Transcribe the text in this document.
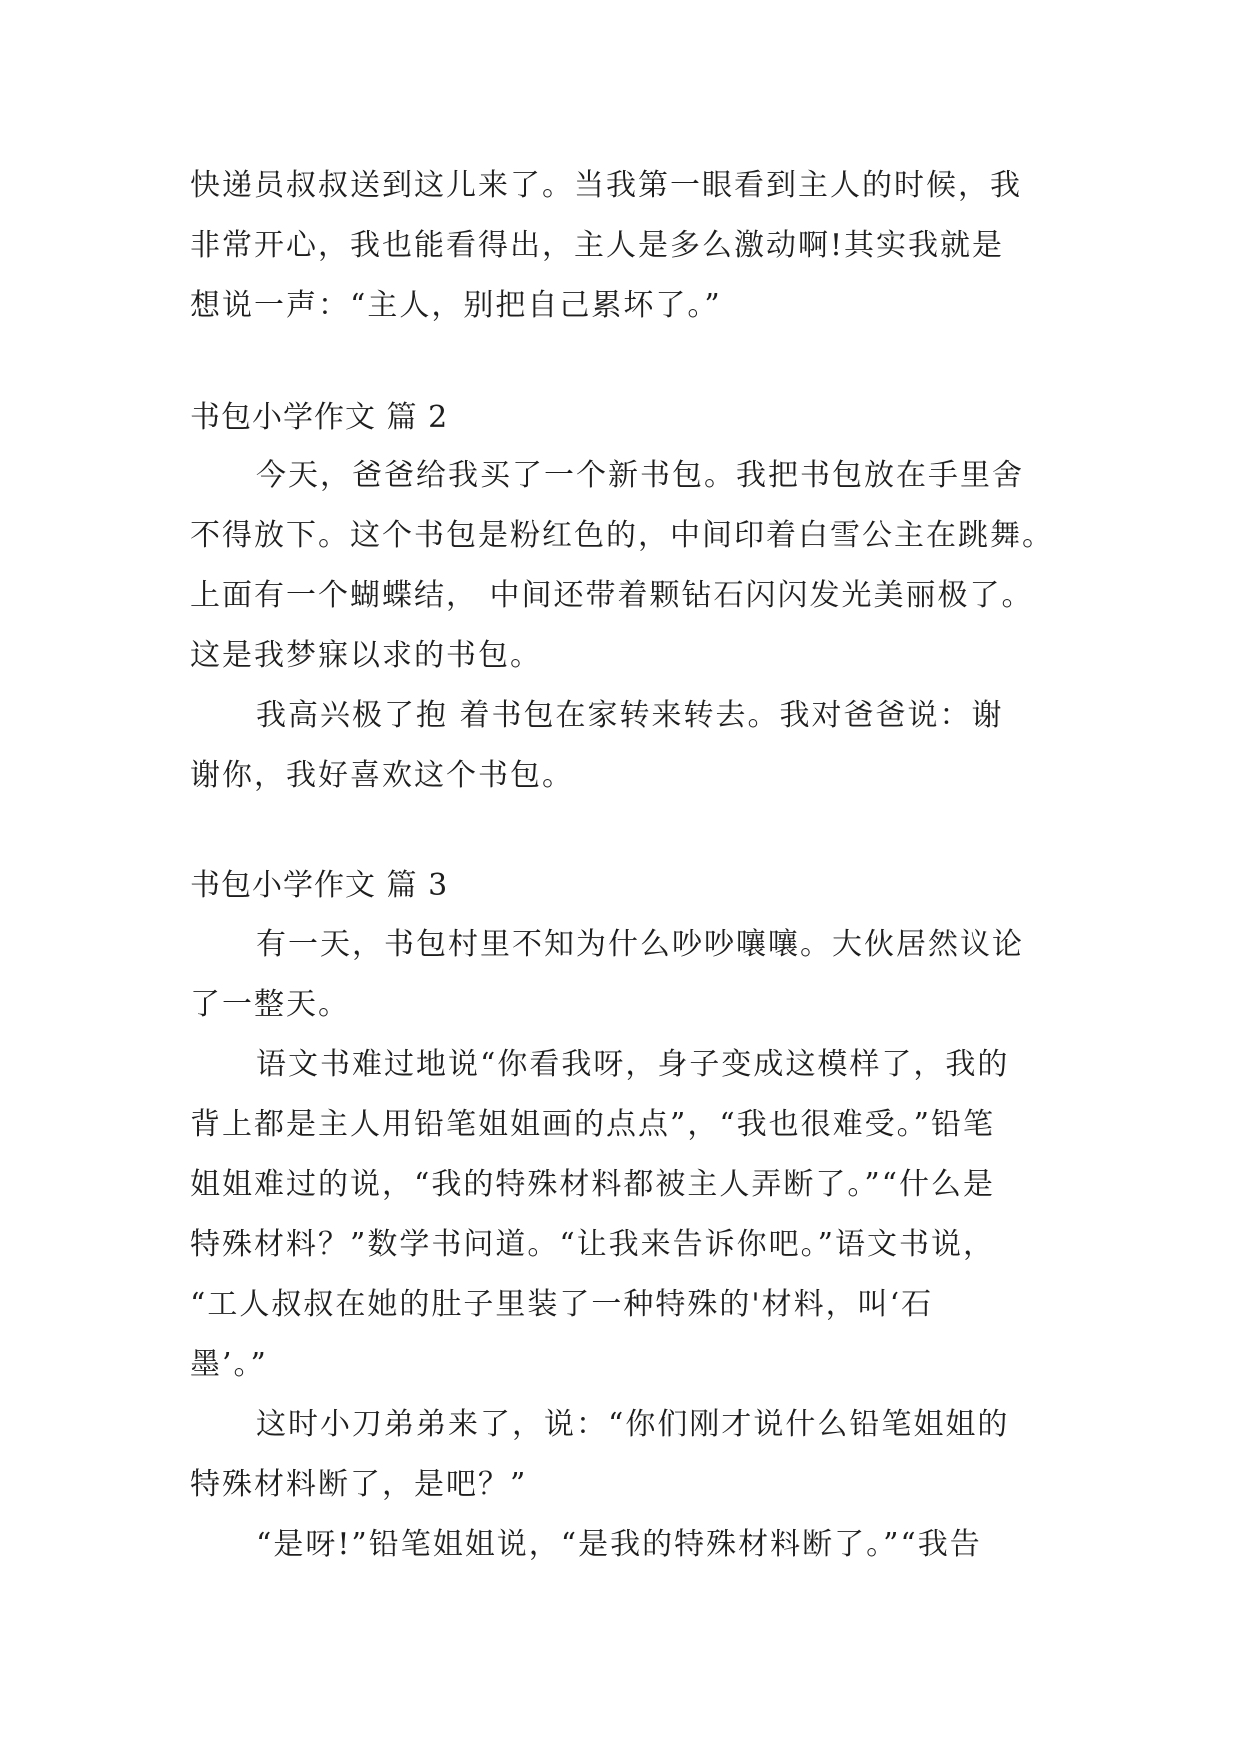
快递员叔叔送到这儿来了。当我第一眼看到主人的时候，我
非常开心，我也能看得出，主人是多么激动啊!其实我就是
想说一声：“主人，别把自己累坏了。”
书包小学作文 篇 2
今天，爸爸给我买了一个新书包。我把书包放在手里舍
不得放下。这个书包是粉红色的，中间印着白雪公主在跳舞。
上面有一个蝴蝶结， 中间还带着颗钻石闪闪发光美丽极了。
这是我梦寐以求的书包。
我高兴极了抱 着书包在家转来转去。我对爸爸说：谢
谢你，我好喜欢这个书包。
书包小学作文 篇 3
有一天，书包村里不知为什么吵吵嚷嚷。大伙居然议论
了一整天。
语文书难过地说“你看我呀，身子变成这模样了，我的
背上都是主人用铅笔姐姐画的点点”，“我也很难受。”铅笔
姐姐难过的说，“我的特殊材料都被主人弄断了。”“什么是
特殊材料？”数学书问道。“让我来告诉你吧。”语文书说，
“工人叔叔在她的肚子里装了一种特殊的'材料，叫‘石
墨’。”
这时小刀弟弟来了，说：“你们刚才说什么铅笔姐姐的
特殊材料断了，是吧？”
“是呀!”铅笔姐姐说，“是我的特殊材料断了。”“我告
